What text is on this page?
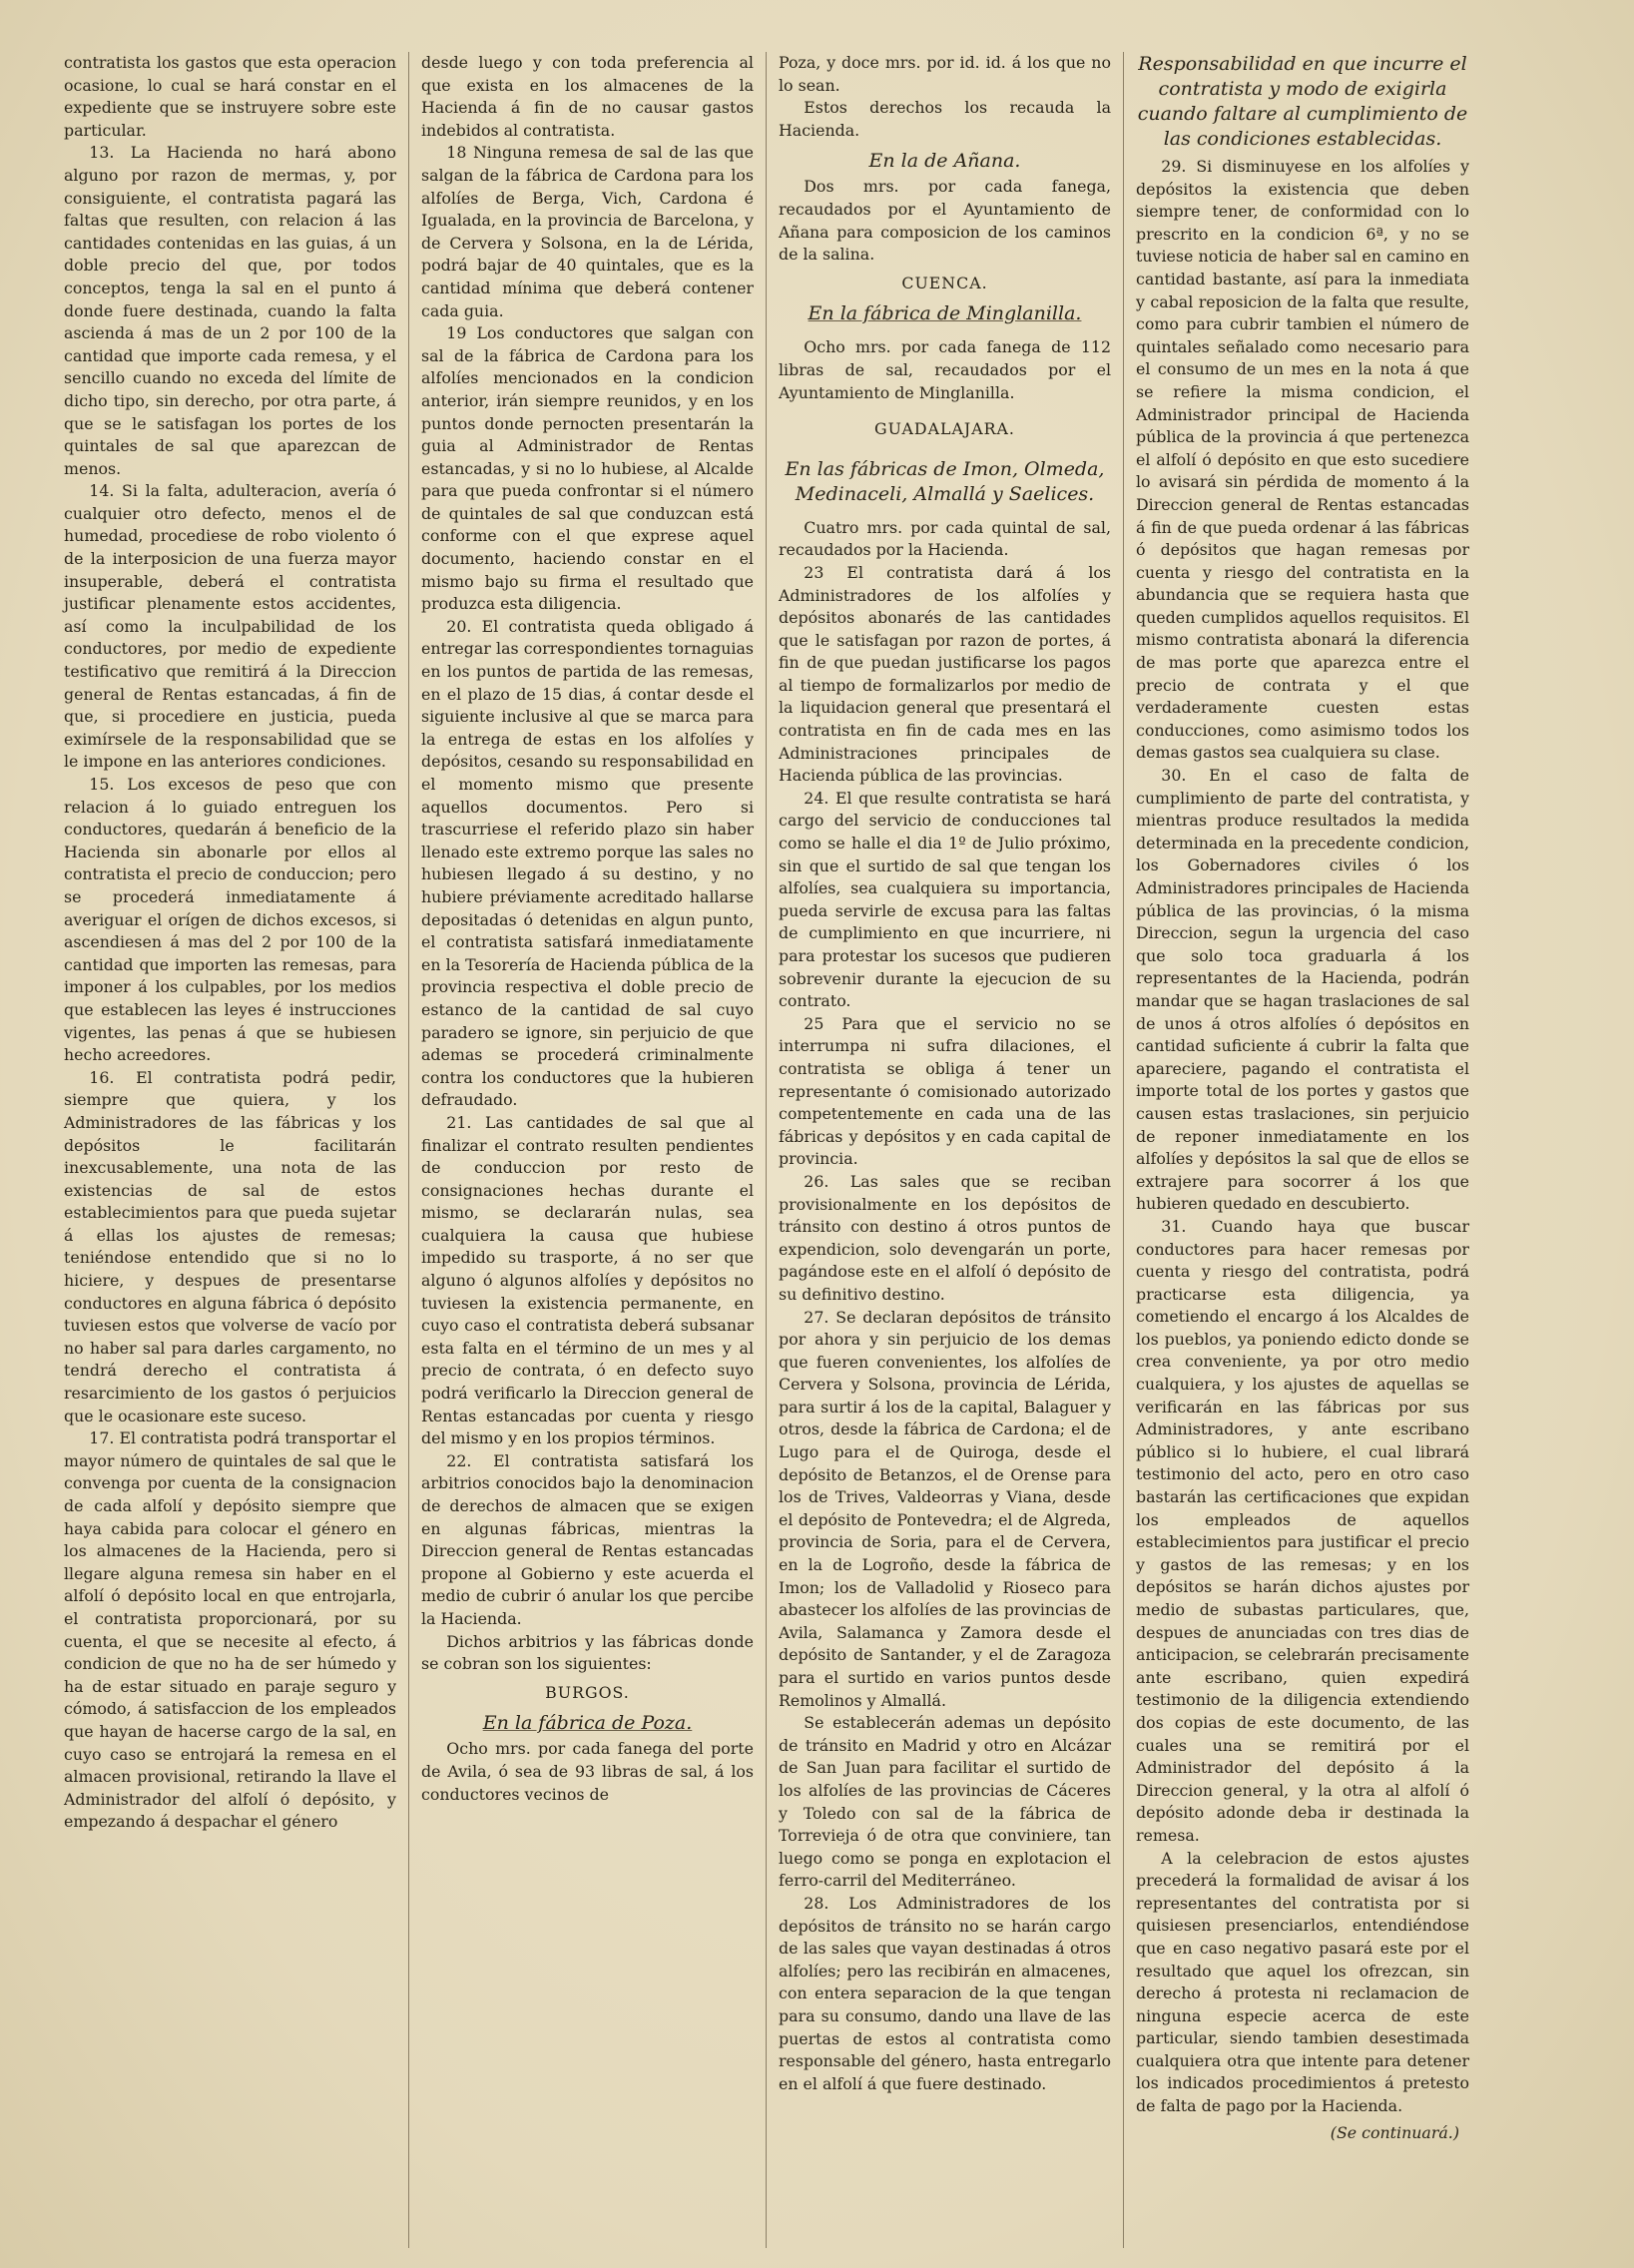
contratista los gastos que esta operacion ocasione, lo cual se hará constar en el expediente que se instruyere sobre este particular.

13. La Hacienda no hará abono alguno por razon de mermas, y, por consiguiente, el contratista pagará las faltas que resulten, con relacion á las cantidades contenidas en las guias, á un doble precio del que, por todos conceptos, tenga la sal en el punto á donde fuere destinada, cuando la falta ascienda á mas de un 2 por 100 de la cantidad que importe cada remesa, y el sencillo cuando no exceda del límite de dicho tipo, sin derecho, por otra parte, á que se le satisfagan los portes de los quintales de sal que aparezcan de menos.

14. Si la falta, adulteracion, avería ó cualquier otro defecto, menos el de humedad, procediese de robo violento ó de la interposicion de una fuerza mayor insuperable, deberá el contratista justificar plenamente estos accidentes, así como la inculpabilidad de los conductores, por medio de expediente testificativo que remitirá á la Direccion general de Rentas estancadas, á fin de que, si procediere en justicia, pueda eximírsele de la responsabilidad que se le impone en las anteriores condiciones.

15. Los excesos de peso que con relacion á lo guiado entreguen los conductores, quedarán á beneficio de la Hacienda sin abonarle por ellos al contratista el precio de conduccion; pero se procederá inmediatamente á averiguar el orígen de dichos excesos, si ascendiesen á mas del 2 por 100 de la cantidad que importen las remesas, para imponer á los culpables, por los medios que establecen las leyes é instrucciones vigentes, las penas á que se hubiesen hecho acreedores.

16. El contratista podrá pedir, siempre que quiera, y los Administradores de las fábricas y los depósitos le facilitarán inexcusablemente, una nota de las existencias de sal de estos establecimientos para que pueda sujetar á ellas los ajustes de remesas; teniéndose entendido que si no lo hiciere, y despues de presentarse conductores en alguna fábrica ó depósito tuviesen estos que volverse de vacío por no haber sal para darles cargamento, no tendrá derecho el contratista á resarcimiento de los gastos ó perjuicios que le ocasionare este suceso.

17. El contratista podrá transportar el mayor número de quintales de sal que le convenga por cuenta de la consignacion de cada alfolí y depósito siempre que haya cabida para colocar el género en los almacenes de la Hacienda, pero si llegare alguna remesa sin haber en el alfolí ó depósito local en que entrojarla, el contratista proporcionará, por su cuenta, el que se necesite al efecto, á condicion de que no ha de ser húmedo y ha de estar situado en paraje seguro y cómodo, á satisfaccion de los empleados que hayan de hacerse cargo de la sal, en cuyo caso se entrojará la remesa en el almacen provisional, retirando la llave el Administrador del alfolí ó depósito, y empezando á despachar el género

desde luego y con toda preferencia al que exista en los almacenes de la Hacienda á fin de no causar gastos indebidos al contratista.

18 Ninguna remesa de sal de las que salgan de la fábrica de Cardona para los alfolíes de Berga, Vich, Cardona é Igualada, en la provincia de Barcelona, y de Cervera y Solsona, en la de Lérida, podrá bajar de 40 quintales, que es la cantidad mínima que deberá contener cada guia.

19 Los conductores que salgan con sal de la fábrica de Cardona para los alfolíes mencionados en la condicion anterior, irán siempre reunidos, y en los puntos donde pernocten presentarán la guia al Administrador de Rentas estancadas, y si no lo hubiese, al Alcalde para que pueda confrontar si el número de quintales de sal que conduzcan está conforme con el que exprese aquel documento, haciendo constar en el mismo bajo su firma el resultado que produzca esta diligencia.

20. El contratista queda obligado á entregar las correspondientes tornaguias en los puntos de partida de las remesas, en el plazo de 15 dias, á contar desde el siguiente inclusive al que se marca para la entrega de estas en los alfolíes y depósitos, cesando su responsabilidad en el momento mismo que presente aquellos documentos. Pero si trascurriese el referido plazo sin haber llenado este extremo porque las sales no hubiesen llegado á su destino, y no hubiere préviamente acreditado hallarse depositadas ó detenidas en algun punto, el contratista satisfará inmediatamente en la Tesorería de Hacienda pública de la provincia respectiva el doble precio de estanco de la cantidad de sal cuyo paradero se ignore, sin perjuicio de que ademas se procederá criminalmente contra los conductores que la hubieren defraudado.

21. Las cantidades de sal que al finalizar el contrato resulten pendientes de conduccion por resto de consignaciones hechas durante el mismo, se declararán nulas, sea cualquiera la causa que hubiese impedido su trasporte, á no ser que alguno ó algunos alfolíes y depósitos no tuviesen la existencia permanente, en cuyo caso el contratista deberá subsanar esta falta en el término de un mes y al precio de contrata, ó en defecto suyo podrá verificarlo la Direccion general de Rentas estancadas por cuenta y riesgo del mismo y en los propios términos.

22. El contratista satisfará los arbitrios conocidos bajo la denominacion de derechos de almacen que se exigen en algunas fábricas, mientras la Direccion general de Rentas estancadas propone al Gobierno y este acuerda el medio de cubrir ó anular los que percibe la Hacienda.

Dichos arbitrios y las fábricas donde se cobran son los siguientes:

BURGOS.
En la fábrica de Poza.

Ocho mrs. por cada fanega del porte de Avila, ó sea de 93 libras de sal, á los conductores vecinos de

Poza, y doce mrs. por id. id. á los que no lo sean.

Estos derechos los recauda la Hacienda.

En la de Añana.

Dos mrs. por cada fanega, recaudados por el Ayuntamiento de Añana para composicion de los caminos de la salina.

CUENCA.
En la fábrica de Minglanilla.

Ocho mrs. por cada fanega de 112 libras de sal, recaudados por el Ayuntamiento de Minglanilla.

GUADALAJARA.
En las fábricas de Imon, Olmeda, Medinaceli, Almallá y Saelices.

Cuatro mrs. por cada quintal de sal, recaudados por la Hacienda.

23 El contratista dará á los Administradores de los alfolíes y depósitos abonarés de las cantidades que le satisfagan por razon de portes, á fin de que puedan justificarse los pagos al tiempo de formalizarlos por medio de la liquidacion general que presentará el contratista en fin de cada mes en las Administraciones principales de Hacienda pública de las provincias.

24. El que resulte contratista se hará cargo del servicio de conducciones tal como se halle el dia 1º de Julio próximo, sin que el surtido de sal que tengan los alfolíes, sea cualquiera su importancia, pueda servirle de excusa para las faltas de cumplimiento en que incurriere, ni para protestar los sucesos que pudieren sobrevenir durante la ejecucion de su contrato.

25 Para que el servicio no se interrumpa ni sufra dilaciones, el contratista se obliga á tener un representante ó comisionado autorizado competentemente en cada una de las fábricas y depósitos y en cada capital de provincia.

26. Las sales que se reciban provisionalmente en los depósitos de tránsito con destino á otros puntos de expendicion, solo devengarán un porte, pagándose este en el alfolí ó depósito de su definitivo destino.

27. Se declaran depósitos de tránsito por ahora y sin perjuicio de los demas que fueren convenientes, los alfolíes de Cervera y Solsona, provincia de Lérida, para surtir á los de la capital, Balaguer y otros, desde la fábrica de Cardona; el de Lugo para el de Quiroga, desde el depósito de Betanzos, el de Orense para los de Trives, Valdeorras y Viana, desde el depósito de Pontevedra; el de Algreda, provincia de Soria, para el de Cervera, en la de Logroño, desde la fábrica de Imon; los de Valladolid y Rioseco para abastecer los alfolíes de las provincias de Avila, Salamanca y Zamora desde el depósito de Santander, y el de Zaragoza para el surtido en varios puntos desde Remolinos y Almallá.

Se establecerán ademas un depósito de tránsito en Madrid y otro en Alcázar de San Juan para facilitar el surtido de los alfolíes de las provincias de Cáceres y Toledo con sal de la fábrica de Torrevieja ó de otra que conviniere, tan luego como se ponga en explotacion el ferro-carril del Mediterráneo.

28. Los Administradores de los depósitos de tránsito no se harán cargo de las sales que vayan destinadas á otros alfolíes; pero las recibirán en almacenes, con entera separacion de la que tengan para su consumo, dando una llave de las puertas de estos al contratista como responsable del género, hasta entregarlo en el alfolí á que fuere destinado.

Responsabilidad en que incurre el contratista y modo de exigirla cuando faltare al cumplimiento de las condiciones establecidas.

29. Si disminuyese en los alfolíes y depósitos la existencia que deben siempre tener, de conformidad con lo prescrito en la condicion 6ª, y no se tuviese noticia de haber sal en camino en cantidad bastante, así para la inmediata y cabal reposicion de la falta que resulte, como para cubrir tambien el número de quintales señalado como necesario para el consumo de un mes en la nota á que se refiere la misma condicion, el Administrador principal de Hacienda pública de la provincia á que pertenezca el alfolí ó depósito en que esto sucediere lo avisará sin pérdida de momento á la Direccion general de Rentas estancadas á fin de que pueda ordenar á las fábricas ó depósitos que hagan remesas por cuenta y riesgo del contratista en la abundancia que se requiera hasta que queden cumplidos aquellos requisitos. El mismo contratista abonará la diferencia de mas porte que aparezca entre el precio de contrata y el que verdaderamente cuesten estas conducciones, como asimismo todos los demas gastos sea cualquiera su clase.

30. En el caso de falta de cumplimiento de parte del contratista, y mientras produce resultados la medida determinada en la precedente condicion, los Gobernadores civiles ó los Administradores principales de Hacienda pública de las provincias, ó la misma Direccion, segun la urgencia del caso que solo toca graduarla á los representantes de la Hacienda, podrán mandar que se hagan traslaciones de sal de unos á otros alfolíes ó depósitos en cantidad suficiente á cubrir la falta que apareciere, pagando el contratista el importe total de los portes y gastos que causen estas traslaciones, sin perjuicio de reponer inmediatamente en los alfolíes y depósitos la sal que de ellos se extrajere para socorrer á los que hubieren quedado en descubierto.

31. Cuando haya que buscar conductores para hacer remesas por cuenta y riesgo del contratista, podrá practicarse esta diligencia, ya cometiendo el encargo á los Alcaldes de los pueblos, ya poniendo edicto donde se crea conveniente, ya por otro medio cualquiera, y los ajustes de aquellas se verificarán en las fábricas por sus Administradores, y ante escribano público si lo hubiere, el cual librará testimonio del acto, pero en otro caso bastarán las certificaciones que expidan los empleados de aquellos establecimientos para justificar el precio y gastos de las remesas; y en los depósitos se harán dichos ajustes por medio de subastas particulares, que, despues de anunciadas con tres dias de anticipacion, se celebrarán precisamente ante escribano, quien expedirá testimonio de la diligencia extendiendo dos copias de este documento, de las cuales una se remitirá por el Administrador del depósito á la Direccion general, y la otra al alfolí ó depósito adonde deba ir destinada la remesa.

A la celebracion de estos ajustes precederá la formalidad de avisar á los representantes del contratista por si quisiesen presenciarlos, entendiéndose que en caso negativo pasará este por el resultado que aquel los ofrezcan, sin derecho á protesta ni reclamacion de ninguna especie acerca de este particular, siendo tambien desestimada cualquiera otra que intente para detener los indicados procedimientos á pretesto de falta de pago por la Hacienda.

(Se continuará.)
